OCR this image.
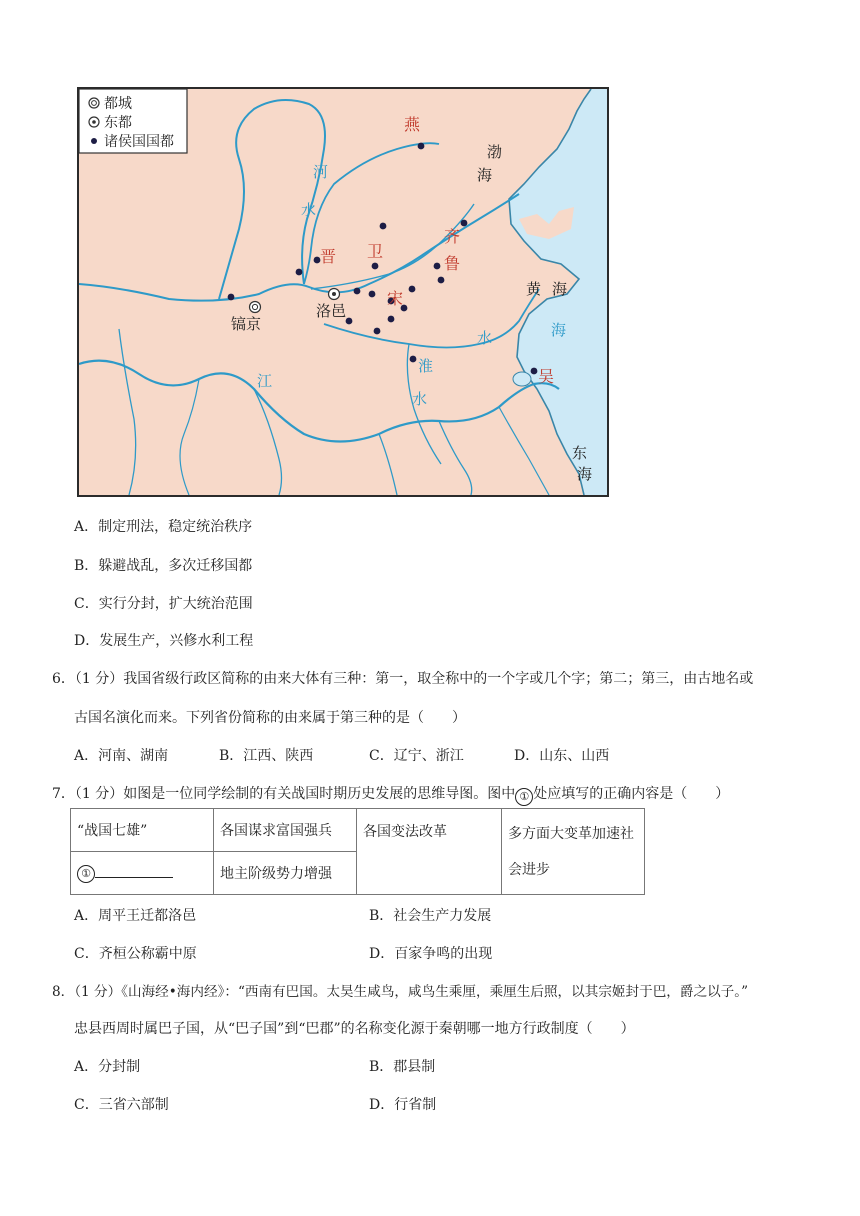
都城
东都
诸侯国国都
燕
齐
鲁
晋 卫
宋
吴
镐京
洛邑
河
水
江
淮
水
水	海
渤
海
黄 海
东
海
A．制定刑法，稳定统治秩序
B．躲避战乱，多次迁移国都
C．实行分封，扩大统治范围
D．发展生产，兴修水利工程
6．（1 分）我国省级行政区简称的由来大体有三种：第一，取全称中的一个字或几个字；第二；第三，由古地名或
古国名演化而来。下列省份简称的由来属于第三种的是（　　）
A．河南、湖南	B．江西、陕西	C．辽宁、浙江	D．山东、山西
7．（1 分）如图是一位同学绘制的有关战国时期历史发展的思维导图。图中 ① 处应填写的正确内容是（　　）
“战国七雄”	各国谋求富国强兵	各国变法改革	多方面大变革加速社
会进步
①	地主阶级势力增强		
A．周平王迁都洛邑	B．社会生产力发展
C．齐桓公称霸中原	D．百家争鸣的出现
8．（1 分）《山海经•海内经》：“西南有巴国。太昊生咸鸟，咸鸟生乘厘，乘厘生后照，以其宗姬封于巴，爵之以子。”
忠县西周时属巴子国，从“巴子国”到“巴郡”的名称变化源于秦朝哪一地方行政制度（　　）
A．分封制	B．郡县制
C．三省六部制	D．行省制
